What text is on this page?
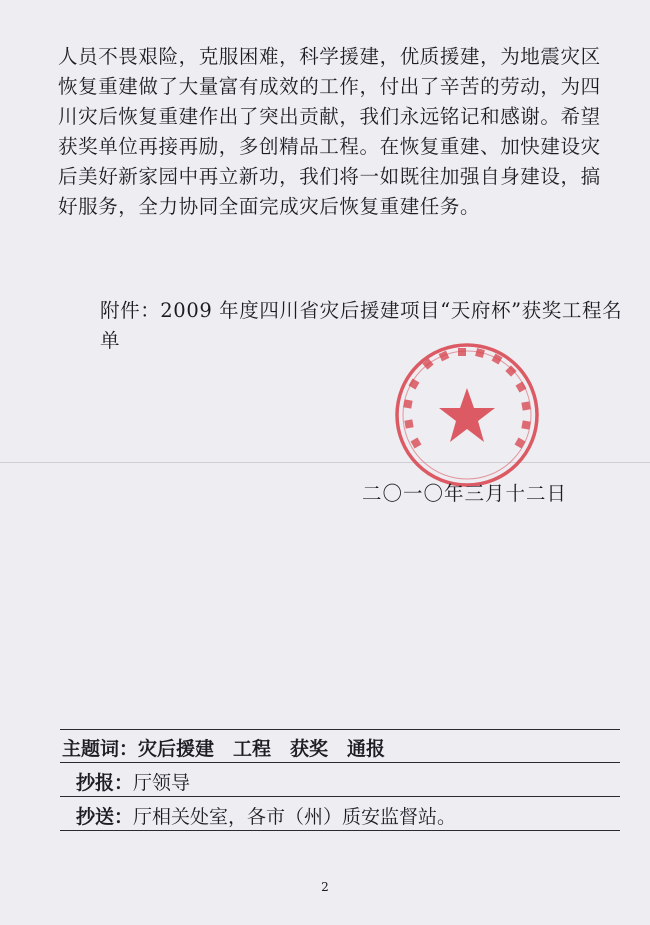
人员不畏艰险，克服困难，科学援建，优质援建，为地震灾区
恢复重建做了大量富有成效的工作，付出了辛苦的劳动，为四
川灾后恢复重建作出了突出贡献，我们永远铭记和感谢。希望
获奖单位再接再励，多创精品工程。在恢复重建、加快建设灾
后美好新家园中再立新功，我们将一如既往加强自身建设，搞
好服务，全力协同全面完成灾后恢复重建任务。
附件：2009 年度四川省灾后援建项目“天府杯”获奖工程名
单
二〇一〇年三月十二日
主题词：灾后援建　工程　获奖　通报
抄报：厅领导
抄送：厅相关处室，各市（州）质安监督站。
2
